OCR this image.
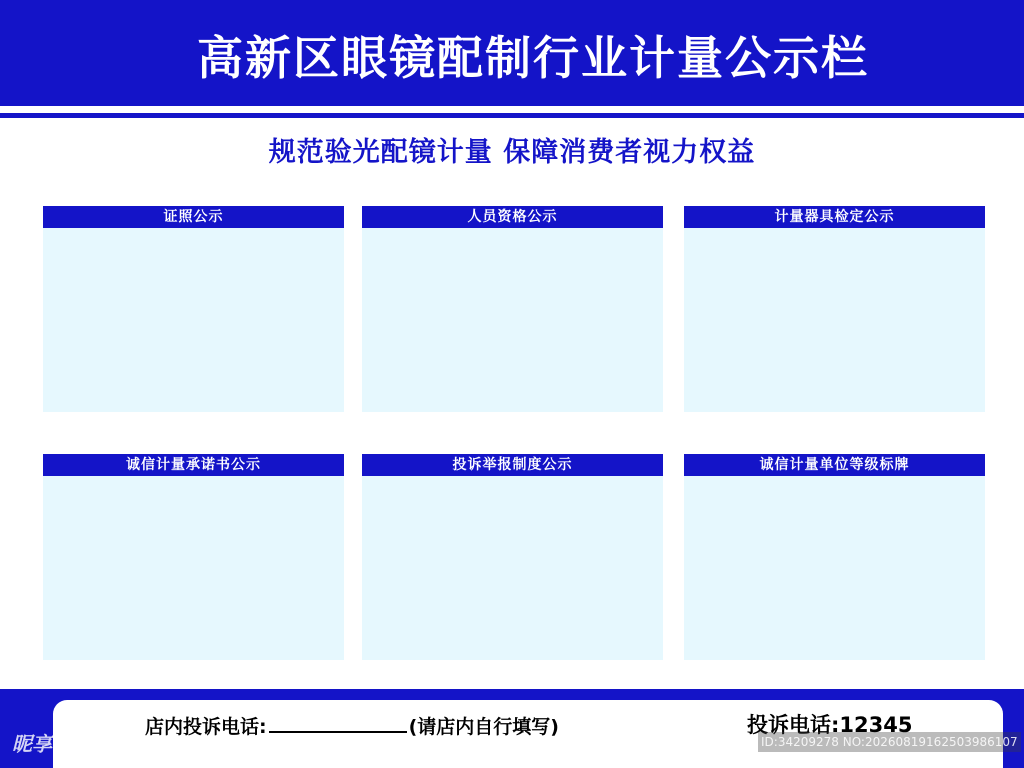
高新区眼镜配制行业计量公示栏
规范验光配镜计量 保障消费者视力权益
证照公示	人员资格公示	计量器具检定公示
诚信计量承诺书公示	投诉举报制度公示	诚信计量单位等级标牌
店内投诉电话:	(请店内自行填写)	投诉电话:12345
昵享网 www.nipic.com	ID:34209278 NO:20260819162503986107
